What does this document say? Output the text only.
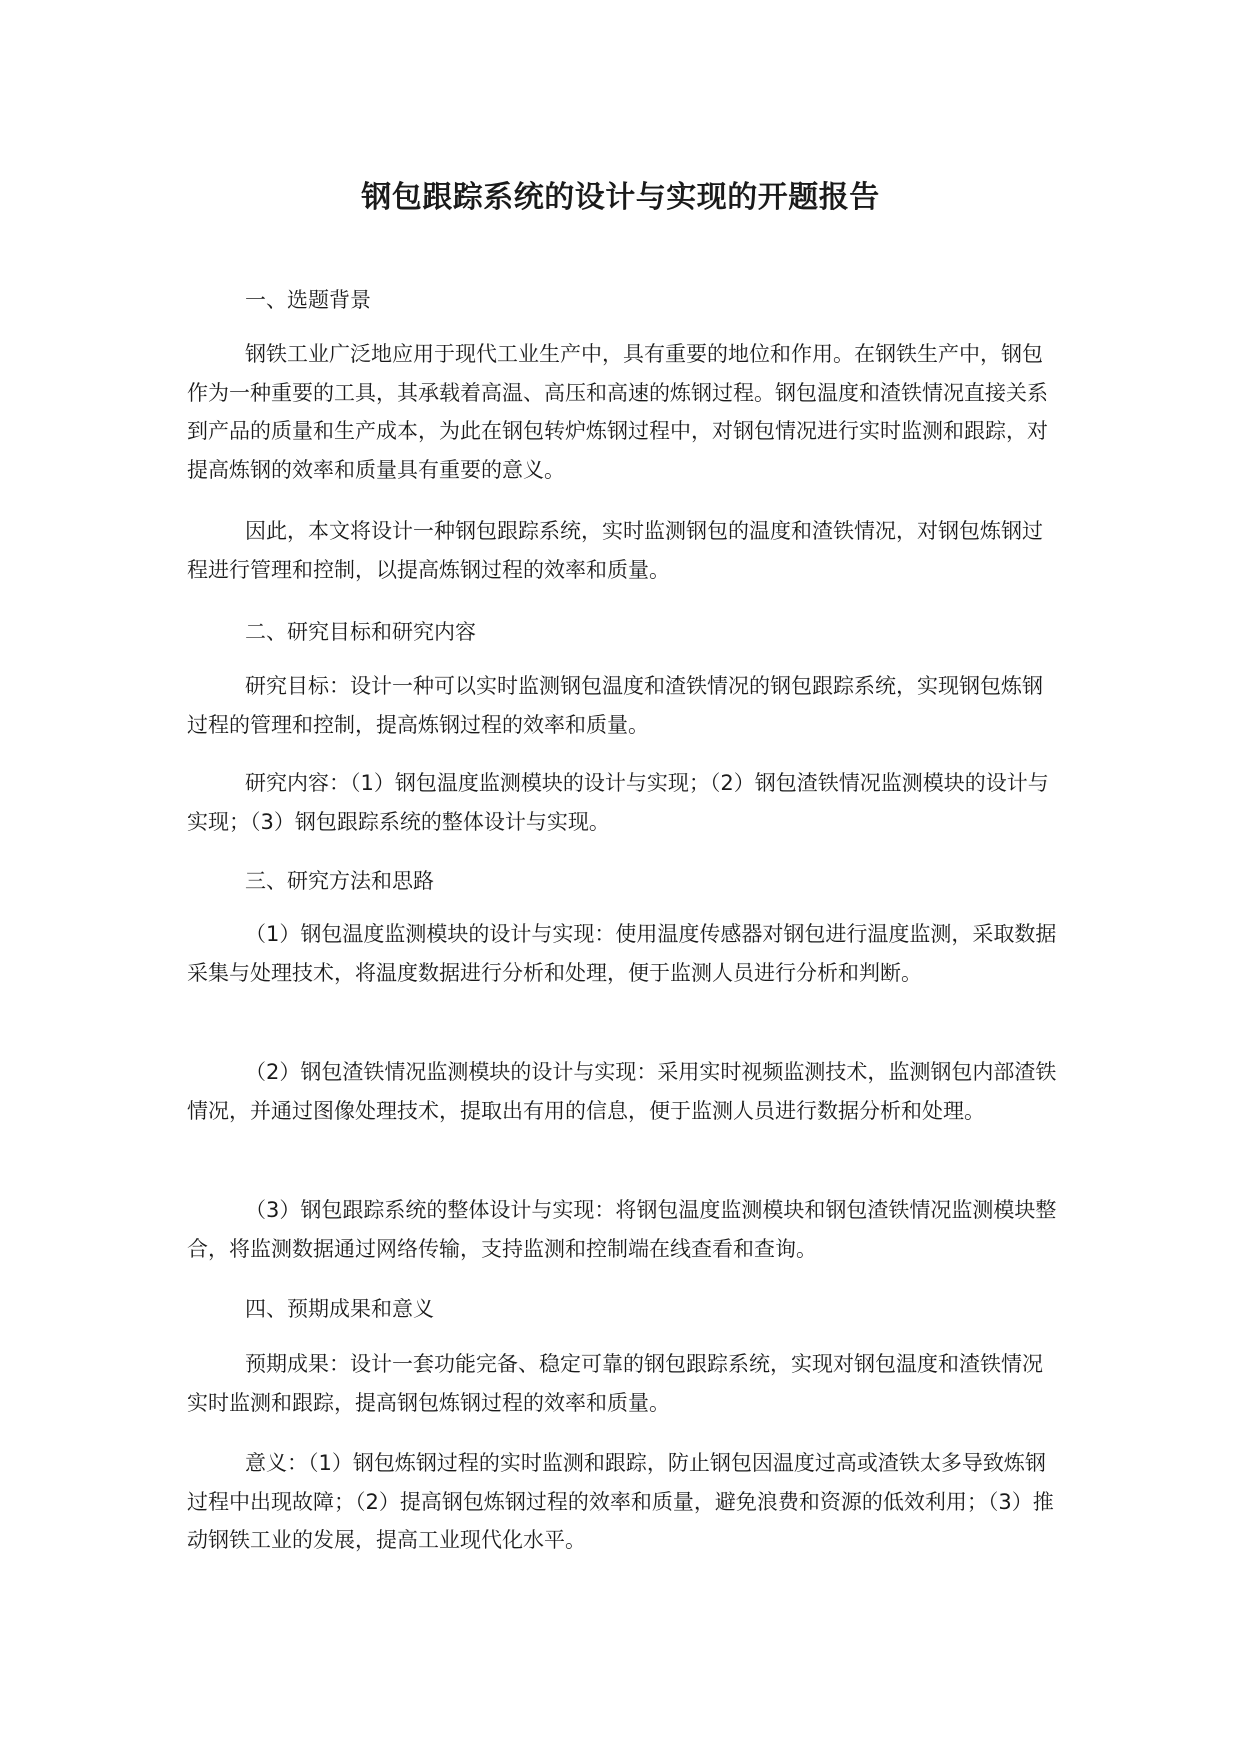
钢包跟踪系统的设计与实现的开题报告
一、选题背景

钢铁工业广泛地应用于现代工业生产中，具有重要的地位和作用。在钢铁生产中，钢包作为一种重要的工具，其承载着高温、高压和高速的炼钢过程。钢包温度和渣铁情况直接关系到产品的质量和生产成本，为此在钢包转炉炼钢过程中，对钢包情况进行实时监测和跟踪，对提高炼钢的效率和质量具有重要的意义。

因此，本文将设计一种钢包跟踪系统，实时监测钢包的温度和渣铁情况，对钢包炼钢过程进行管理和控制，以提高炼钢过程的效率和质量。

二、研究目标和研究内容

研究目标：设计一种可以实时监测钢包温度和渣铁情况的钢包跟踪系统，实现钢包炼钢过程的管理和控制，提高炼钢过程的效率和质量。

研究内容：（1）钢包温度监测模块的设计与实现；（2）钢包渣铁情况监测模块的设计与实现；（3）钢包跟踪系统的整体设计与实现。

三、研究方法和思路

（1）钢包温度监测模块的设计与实现：使用温度传感器对钢包进行温度监测，采取数据采集与处理技术，将温度数据进行分析和处理，便于监测人员进行分析和判断。

（2）钢包渣铁情况监测模块的设计与实现：采用实时视频监测技术，监测钢包内部渣铁情况，并通过图像处理技术，提取出有用的信息，便于监测人员进行数据分析和处理。

（3）钢包跟踪系统的整体设计与实现：将钢包温度监测模块和钢包渣铁情况监测模块整合，将监测数据通过网络传输，支持监测和控制端在线查看和查询。

四、预期成果和意义

预期成果：设计一套功能完备、稳定可靠的钢包跟踪系统，实现对钢包温度和渣铁情况实时监测和跟踪，提高钢包炼钢过程的效率和质量。

意义：（1）钢包炼钢过程的实时监测和跟踪，防止钢包因温度过高或渣铁太多导致炼钢过程中出现故障；（2）提高钢包炼钢过程的效率和质量，避免浪费和资源的低效利用；（3）推动钢铁工业的发展，提高工业现代化水平。
